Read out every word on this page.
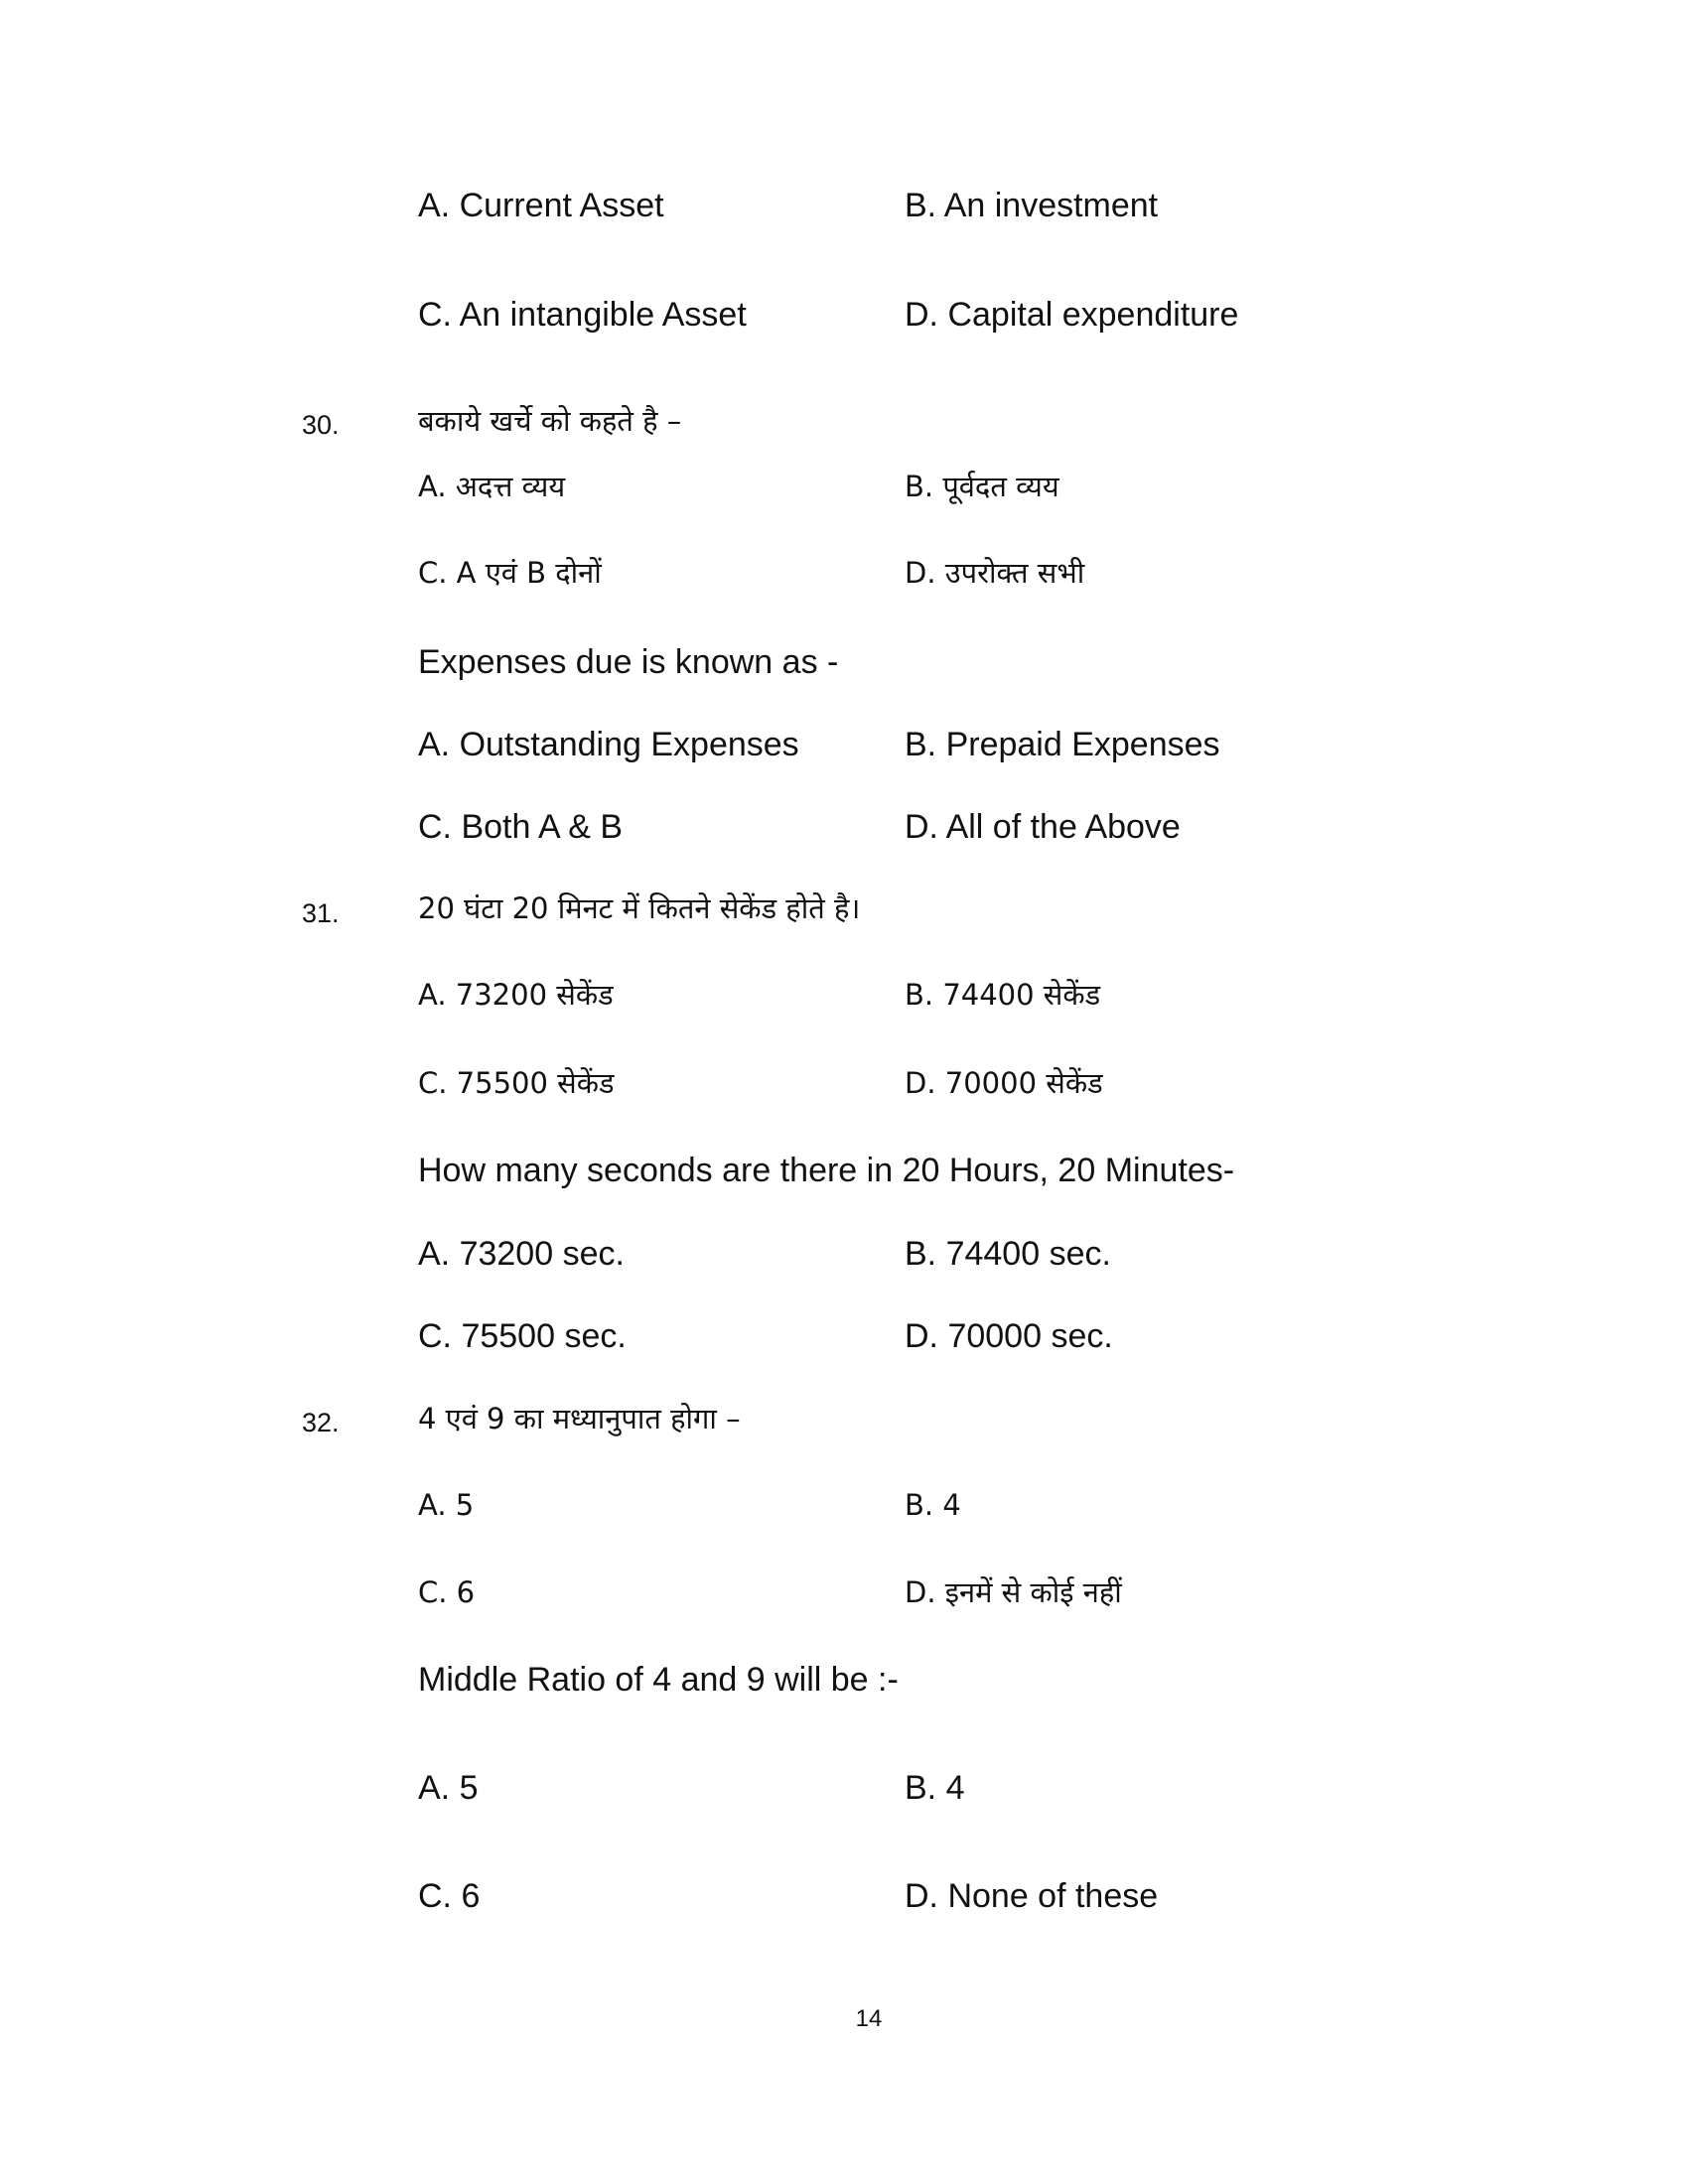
A. Current Asset	B. An investment
C. An intangible Asset	D. Capital expenditure
30.	बकाये खर्चे को कहते है –
A. अदत्त व्यय	B. पूर्वदत व्यय
C. A एवं B दोनों	D. उपरोक्त सभी
Expenses due is known as -
A. Outstanding Expenses	B. Prepaid Expenses
C. Both A & B	D. All of the Above
31.	20 घंटा 20 मिनट में कितने सेकेंड होते है।
A. 73200 सेकेंड	B. 74400 सेकेंड
C. 75500 सेकेंड	D. 70000 सेकेंड
How many seconds are there in 20 Hours, 20 Minutes-
A. 73200 sec.	B. 74400 sec.
C. 75500 sec.	D. 70000 sec.
32.	4 एवं 9 का मध्यानुपात होगा –
A. 5	B. 4
C. 6	D. इनमें से कोई नहीं
Middle Ratio of 4 and 9 will be :-
A. 5	B. 4
C. 6	D. None of these
14
